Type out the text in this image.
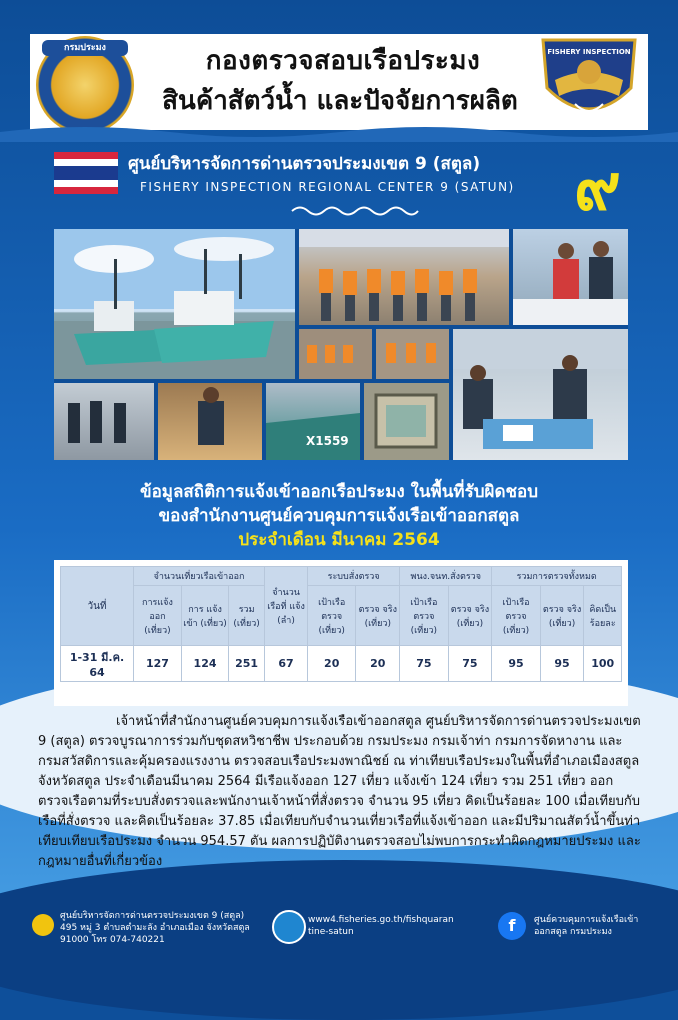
กองตรวจสอบเรือประมง
สินค้าสัตว์น้ำ และปัจจัยการผลิต
กรมประมง	FISHERY INSPECTION
DEPARTMENT OF FISHERIES
ศูนย์บริหารจัดการด่านตรวจประมงเขต 9 (สตูล)
FISHERY INSPECTION REGIONAL CENTER 9 (SATUN) ๙
X1559
ข้อมูลสถิติการแจ้งเข้าออกเรือประมง ในพื้นที่รับผิดชอบ
ของสำนักงานศูนย์ควบคุมการแจ้งเรือเข้าออกสตูล
ประจำเดือน มีนาคม 2564
วันที่	จำนวนเที่ยวเรือเข้าออก			จำนวน เรือที่ แจ้ง (ลำ)	ระบบสั่งตรวจ		พนง.จนท.สั่งตรวจ		รวมการตรวจทั้งหมด		
	การแจ้ง ออก (เที่ยว)	การ แจ้งเข้า (เที่ยว)	รวม (เที่ยว)		เป้าเรือ ตรวจ (เที่ยว)	ตรวจ จริง (เที่ยว)	เป้าเรือ ตรวจ (เที่ยว)	ตรวจ จริง (เที่ยว)	เป้าเรือ ตรวจ (เที่ยว)	ตรวจ จริง (เที่ยว)	คิดเป็น ร้อยละ
1-31 มี.ค. 64	127	124	251	67	20	20	75	75	95	95	100
เจ้าหน้าที่สำนักงานศูนย์ควบคุมการแจ้งเรือเข้าออกสตูล ศูนย์บริหารจัดการด่านตรวจประมงเขต 9 (สตูล) ตรวจบูรณาการร่วมกับชุดสหวิชาชีพ ประกอบด้วย กรมประมง กรมเจ้าท่า กรมการจัดหางาน และกรมสวัสดิการและคุ้มครองแรงงาน ตรวจสอบเรือประมงพาณิชย์ ณ ท่าเทียบเรือประมงในพื้นที่อำเภอเมืองสตูล จังหวัดสตูล ประจำเดือนมีนาคม 2564 มีเรือแจ้งออก 127 เที่ยว แจ้งเข้า 124 เที่ยว รวม 251 เที่ยว ออกตรวจเรือตามที่ระบบสั่งตรวจและพนักงานเจ้าหน้าที่สั่งตรวจ จำนวน 95 เที่ยว คิดเป็นร้อยละ 100 เมื่อเทียบกับเรือที่สั่งตรวจ และคิดเป็นร้อยละ 37.85 เมื่อเทียบกับจำนวนเที่ยวเรือที่แจ้งเข้าออก และมีปริมาณสัตว์น้ำขึ้นท่าเทียบเทียบเรือประมง จำนวน 954.57 ตัน ผลการปฏิบัติงานตรวจสอบไม่พบการกระทำผิดกฎหมายประมง และกฎหมายอื่นที่เกี่ยวข้อง
ศูนย์บริหารจัดการด่านตรวจประมงเขต 9 (สตูล)
495 หมู่ 3 ตำบลตำมะลัง อำเภอเมือง จังหวัดสตูล
91000 โทร 074-740221
www4.fisheries.go.th/fishquaran
tine-satun	f	ศูนย์ควบคุมการแจ้งเรือเข้า
ออกสตูล กรมประมง
